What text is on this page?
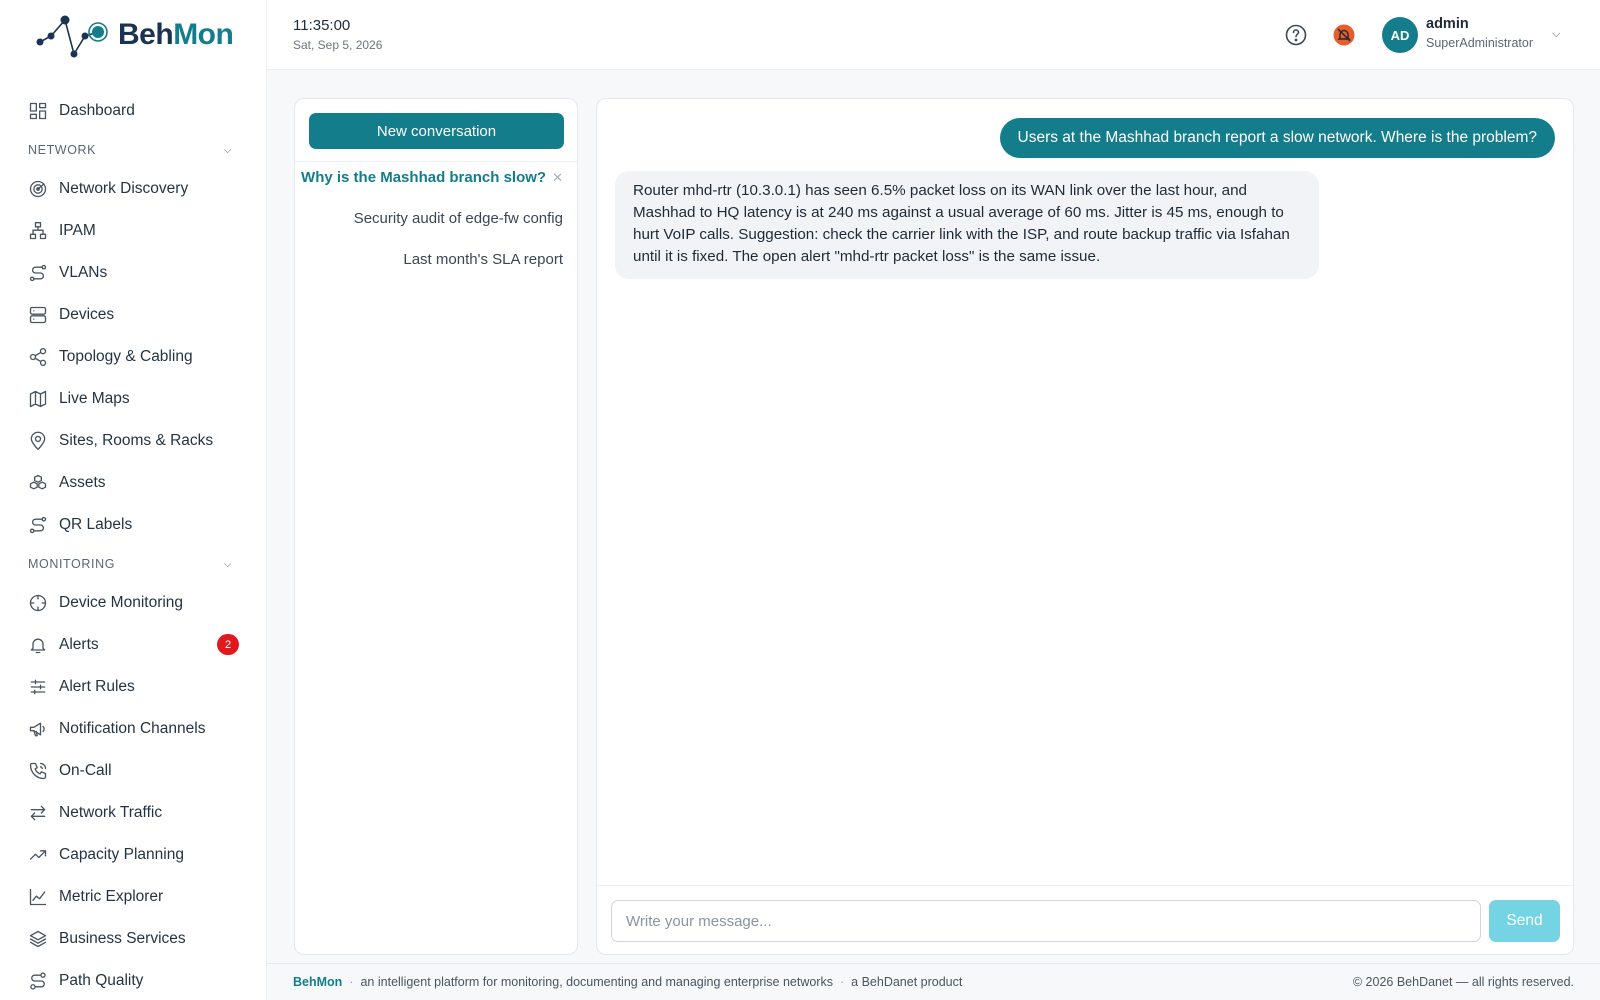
BehMon
Dashboard
NETWORK	⌵
Network Discovery
IPAM
VLANs
Devices
Topology & Cabling
Live Maps
Sites, Rooms & Racks
Assets
QR Labels
MONITORING	⌵
Device Monitoring
Alerts	2
Alert Rules
Notification Channels
On-Call
Network Traffic
Capacity Planning
Metric Explorer
Business Services
Path Quality
11:35:00
Sat, Sep 5, 2026
AD
admin
SuperAdministrator
⌵
New conversation
Why is the Mashhad branch slow? ✕
Security audit of edge-fw config
Last month's SLA report
Users at the Mashhad branch report a slow network. Where is the problem?
Router mhd-rtr (10.3.0.1) has seen 6.5% packet loss on its WAN link over the last hour, and Mashhad to HQ latency is at 240 ms against a usual average of 60 ms. Jitter is 45 ms, enough to hurt VoIP calls. Suggestion: check the carrier link with the ISP, and route backup traffic via Isfahan until it is fixed. The open alert "mhd-rtr packet loss" is the same issue.
Write your message...
Send
BehMon · an intelligent platform for monitoring, documenting and managing enterprise networks · a BehDanet product	© 2026 BehDanet — all rights reserved.
